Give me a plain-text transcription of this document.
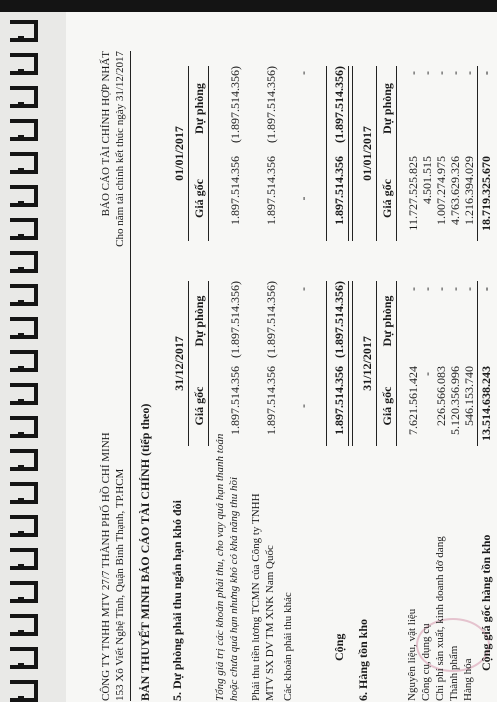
CÔNG TY TNHH MTV 27/7 THÀNH PHỐ HỒ CHÍ MINH 153 Xô Viết Nghệ Tĩnh, Quận Bình Thạnh, TP.HCM
BÁO CÁO TÀI CHÍNH HỢP NHẤT Cho năm tài chính kết thúc ngày 31/12/2017
BẢN THUYẾT MINH BÁO CÁO TÀI CHÍNH (tiếp theo) 5. Dự phòng phải thu ngắn hạn khó đòi
31/12/2017
01/01/2017
Giá gốc
Dự phòng
Giá gốc
Dự phòng
Tổng giá trị các khoản phải thu, cho vay quá hạn thanh toán hoặc chưa quá hạn nhưng khó có khả năng thu hồi
1.897.514.356
(1.897.514.356)
1.897.514.356
(1.897.514.356)
Phải thu tiền lương TCMN của Công ty TNHH MTV SX DV TM XNK Nam Quốc
1.897.514.356
(1.897.514.356)
1.897.514.356
(1.897.514.356)
Các khoản phải thu khác
-
-
-
-
Cộng
1.897.514.356
(1.897.514.356)
1.897.514.356
(1.897.514.356)
6. Hàng tồn kho
31/12/2017
01/01/2017
Giá gốc
Dự phòng
Giá gốc
Dự phòng
Nguyên liệu, vật liệu
7.621.561.424
-
11.727.525.825
-
Công cụ, dụng cụ
-
-
4.501.515
-
Chi phí sản xuất, kinh doanh dở dang
226.566.083
-
1.007.274.975
-
Thành phẩm
5.120.356.996
-
4.763.629.326
-
Hàng hóa
546.153.740
-
1.216.394.029
-
Cộng giá gốc hàng tồn kho
13.514.638.243
-
18.719.325.670
-
